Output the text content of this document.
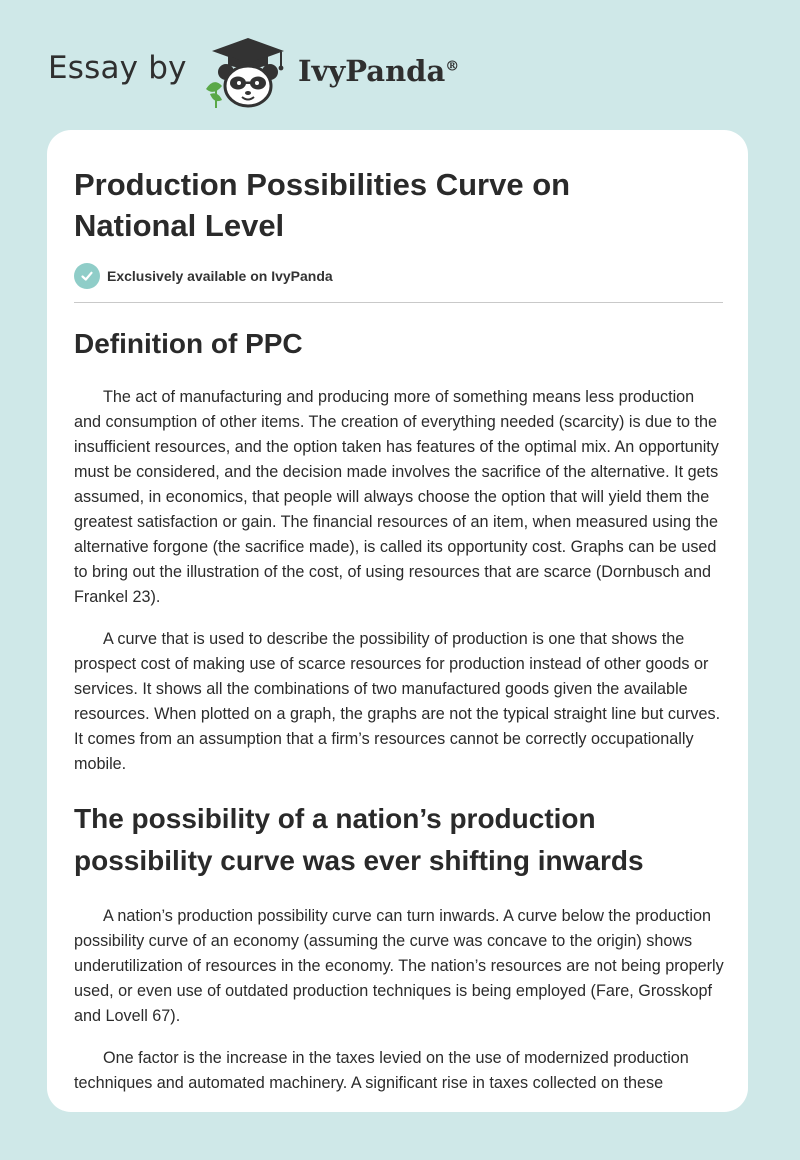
Essay by	IvyPanda®
Production Possibilities Curve on National Level
Exclusively available on IvyPanda
Definition of PPC

The act of manufacturing and producing more of something means less production and consumption of other items. The creation of everything needed (scarcity) is due to the insufficient resources, and the option taken has features of the optimal mix. An opportunity must be considered, and the decision made involves the sacrifice of the alternative. It gets assumed, in economics, that people will always choose the option that will yield them the greatest satisfaction or gain. The financial resources of an item, when measured using the alternative forgone (the sacrifice made), is called its opportunity cost. Graphs can be used to bring out the illustration of the cost, of using resources that are scarce (Dornbusch and Frankel 23).

A curve that is used to describe the possibility of production is one that shows the prospect cost of making use of scarce resources for production instead of other goods or services. It shows all the combinations of two manufactured goods given the available resources. When plotted on a graph, the graphs are not the typical straight line but curves. It comes from an assumption that a firm’s resources cannot be correctly occupationally mobile.

The possibility of a nation’s production possibility curve was ever shifting inwards

A nation’s production possibility curve can turn inwards. A curve below the production possibility curve of an economy (assuming the curve was concave to the origin) shows underutilization of resources in the economy. The nation’s resources are not being properly used, or even use of outdated production techniques is being employed (Fare, Grosskopf and Lovell 67).

One factor is the increase in the taxes levied on the use of modernized production techniques and automated machinery. A significant rise in taxes collected on these
